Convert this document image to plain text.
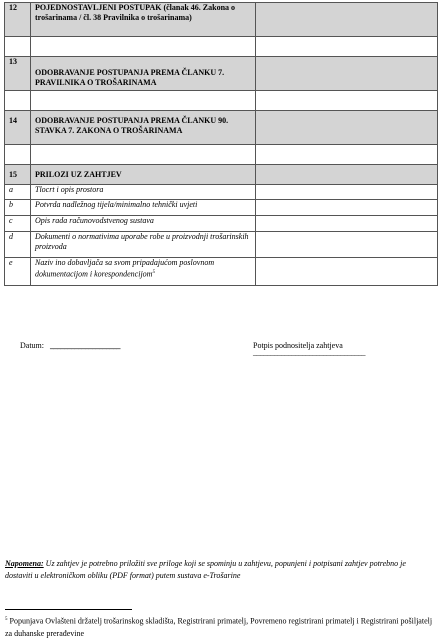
12	POJEDNOSTAVLJENI POSTUPAK (članak 46. Zakona o trošarinama / čl. 38 Pravilnika o trošarinama)	

13	ODOBRAVANJE POSTUPANJA PREMA ČLANKU 7. PRAVILNIKA O TROŠARINAMA	

14	ODOBRAVANJE POSTUPANJA PREMA ČLANKU 90. STAVKA 7. ZAKONA O TROŠARINAMA	

15	PRILOZI UZ ZAHTJEV	
a	Tlocrt i opis prostora	
b	Potvrda nadležnog tijela/minimalno tehnički uvjeti	
c	Opis rada računovodstvenog sustava	
d	Dokumenti o normativima uporabe robe u proizvodnji trošarinskih proizvoda	
e	Naziv ino dobavljača sa svom pripadajućom poslovnom dokumentacijom i korespondencijom$^5$	
Datum: ____________________	Potpis podnositelja zahtjeva
________________________________
Napomena: Uz zahtjev je potrebno priložiti sve priloge koji se spominju u zahtjevu, popunjeni i potpisani zahtjev potrebno je dostaviti u elektroničkom obliku (PDF format) putem sustava e-Trošarine
$^5$ Popunjava Ovlašteni držatelj trošarinskog skladišta, Registrirani primatelj, Povremeno registrirani primatelj i Registrirani pošiljatelj za duhanske prerađevine
